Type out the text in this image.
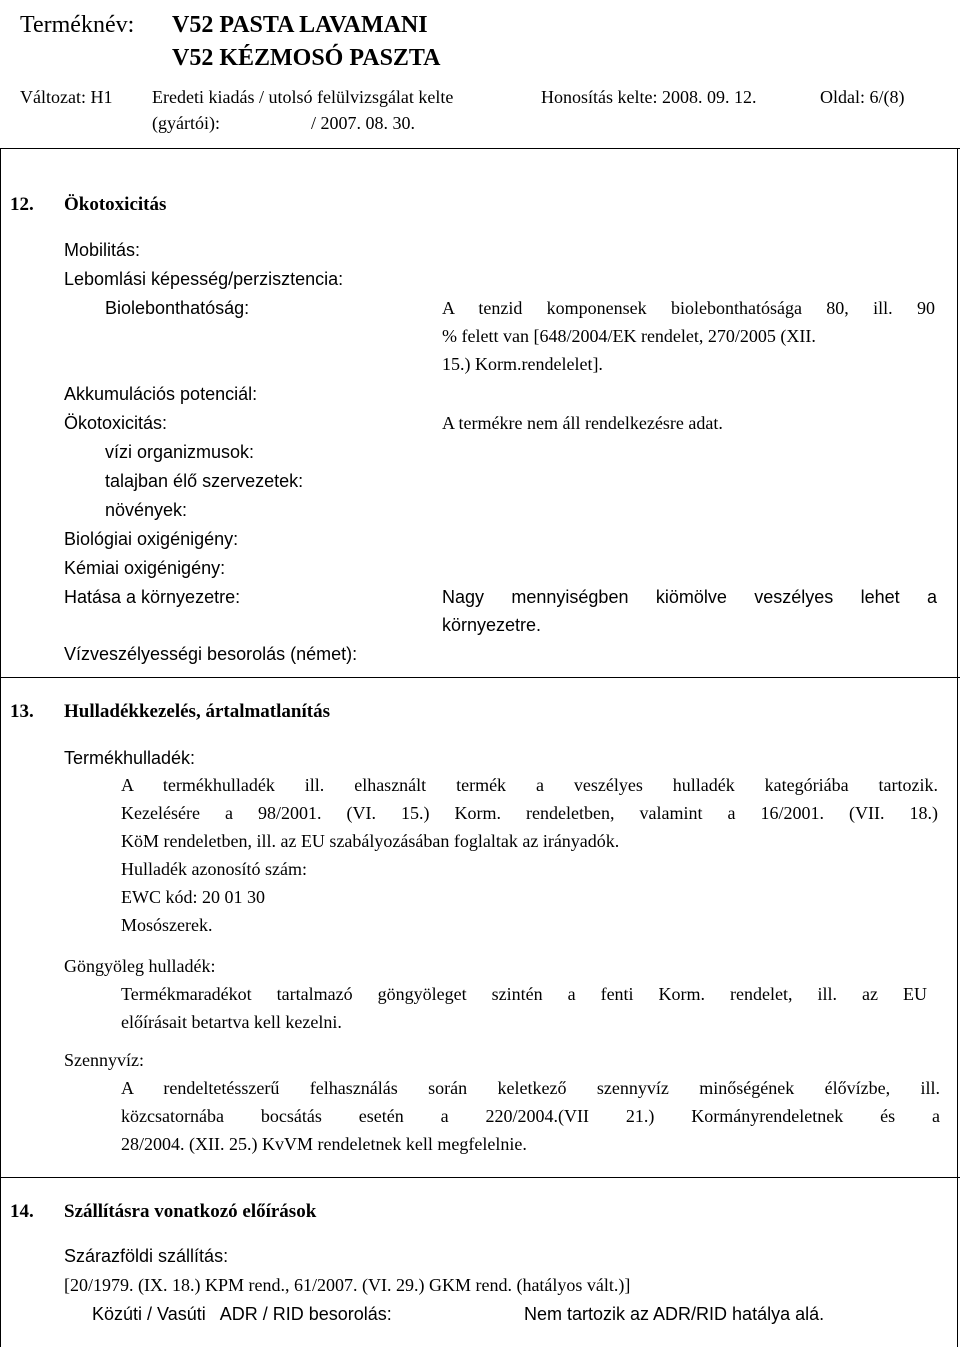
Terméknév: V52 PASTA LAVAMANI
V52 KÉZMOSÓ PASZTA
Változat: H1 Eredeti kiadás / utolsó felülvizsgálat kelte
(gyártói):	/ 2007. 08. 30.
Honosítás kelte: 2008. 09. 12.	Oldal: 6/(8)
12. Ökotoxicitás
Mobilitás:
Lebomlási képesség/perzisztencia:
Biolebonthatóság:	A tenzid komponensek biolebonthatósága 80, ill. 90
% felett van [648/2004/EK rendelet, 270/2005 (XII.
15.) Korm.rendelelet].
Akkumulációs potenciál:
Ökotoxicitás:	A termékre nem áll rendelkezésre adat.
vízi organizmusok:
talajban élő szervezetek:
növények:
Biológiai oxigénigény:
Kémiai oxigénigény:
Hatása a környezetre:	Nagy mennyiségben kiömölve veszélyes lehet a
környezetre.
Vízveszélyességi besorolás (német):
13. Hulladékkezelés, ártalmatlanítás
Termékhulladék:
A termékhulladék ill. elhasznált termék a veszélyes hulladék kategóriába tartozik.
Kezelésére a 98/2001. (VI. 15.) Korm. rendeletben, valamint a 16/2001. (VII. 18.)
KöM rendeletben, ill. az EU szabályozásában foglaltak az irányadók.
Hulladék azonosító szám:
EWC kód: 20 01 30
Mosószerek.
Göngyöleg hulladék:
Termékmaradékot tartalmazó göngyöleget szintén a fenti Korm. rendelet, ill. az EU
előírásait betartva kell kezelni.
Szennyvíz:
A rendeltetésszerű felhasználás során keletkező szennyvíz minőségének élővízbe, ill.
közcsatornába bocsátás esetén a 220/2004.(VII 21.) Kormányrendeletnek és a
28/2004. (XII. 25.) KvVM rendeletnek kell megfelelnie.
14. Szállításra vonatkozó előírások
Szárazföldi szállítás:
[20/1979. (IX. 18.) KPM rend., 61/2007. (VI. 29.) GKM rend. (hatályos vált.)]
Közúti / Vasúti   ADR / RID besorolás:	Nem tartozik az ADR/RID hatálya alá.
